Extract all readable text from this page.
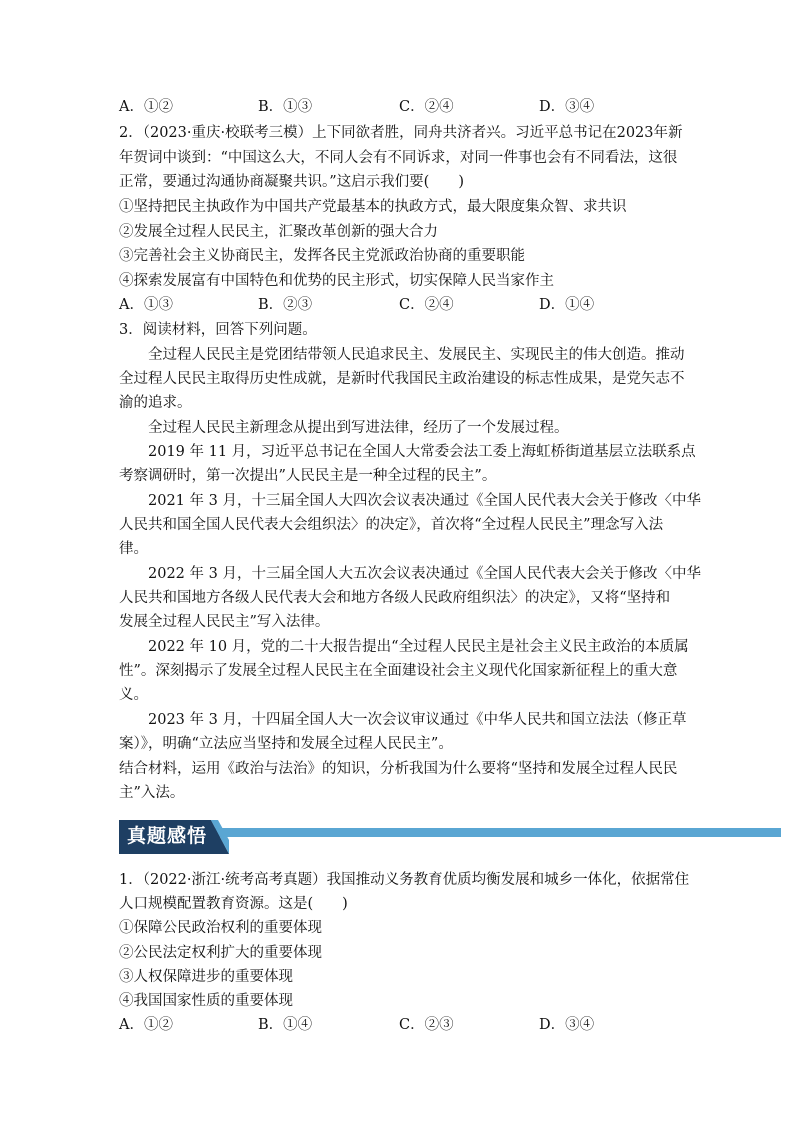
A．①②	B．①③	C．②④	D．③④
2．（2023·重庆·校联考三模）上下同欲者胜，同舟共济者兴。习近平总书记在2023年新
年贺词中谈到：“中国这么大，不同人会有不同诉求，对同一件事也会有不同看法，这很
正常，要通过沟通协商凝聚共识。”这启示我们要(　　)
①坚持把民主执政作为中国共产党最基本的执政方式，最大限度集众智、求共识
②发展全过程人民民主，汇聚改革创新的强大合力
③完善社会主义协商民主，发挥各民主党派政治协商的重要职能
④探索发展富有中国特色和优势的民主形式，切实保障人民当家作主
A．①③	B．②③	C．②④	D．①④
3．阅读材料，回答下列问题。
全过程人民民主是党团结带领人民追求民主、发展民主、实现民主的伟大创造。推动
全过程人民民主取得历史性成就，是新时代我国民主政治建设的标志性成果，是党矢志不
渝的追求。
全过程人民民主新理念从提出到写进法律，经历了一个发展过程。
2019 年 11 月，习近平总书记在全国人大常委会法工委上海虹桥街道基层立法联系点
考察调研时，第一次提出”人民民主是一种全过程的民主”。
2021 年 3 月，十三届全国人大四次会议表决通过《全国人民代表大会关于修改〈中华
人民共和国全国人民代表大会组织法〉的决定》，首次将“全过程人民民主”理念写入法
律。
2022 年 3 月，十三届全国人大五次会议表决通过《全国人民代表大会关于修改〈中华
人民共和国地方各级人民代表大会和地方各级人民政府组织法〉的决定》，又将“坚持和
发展全过程人民民主”写入法律。
2022 年 10 月，党的二十大报告提出“全过程人民民主是社会主义民主政治的本质属
性”。深刻揭示了发展全过程人民民主在全面建设社会主义现代化国家新征程上的重大意
义。
2023 年 3 月，十四届全国人大一次会议审议通过《中华人民共和国立法法（修正草
案）》，明确“立法应当坚持和发展全过程人民民主”。
结合材料，运用《政治与法治》的知识，分析我国为什么要将“坚持和发展全过程人民民
主”入法。
真题感悟
1．（2022·浙江·统考高考真题）我国推动义务教育优质均衡发展和城乡一体化，依据常住
人口规模配置教育资源。这是(　　)
①保障公民政治权利的重要体现
②公民法定权利扩大的重要体现
③人权保障进步的重要体现
④我国国家性质的重要体现
A．①②	B．①④	C．②③	D．③④
